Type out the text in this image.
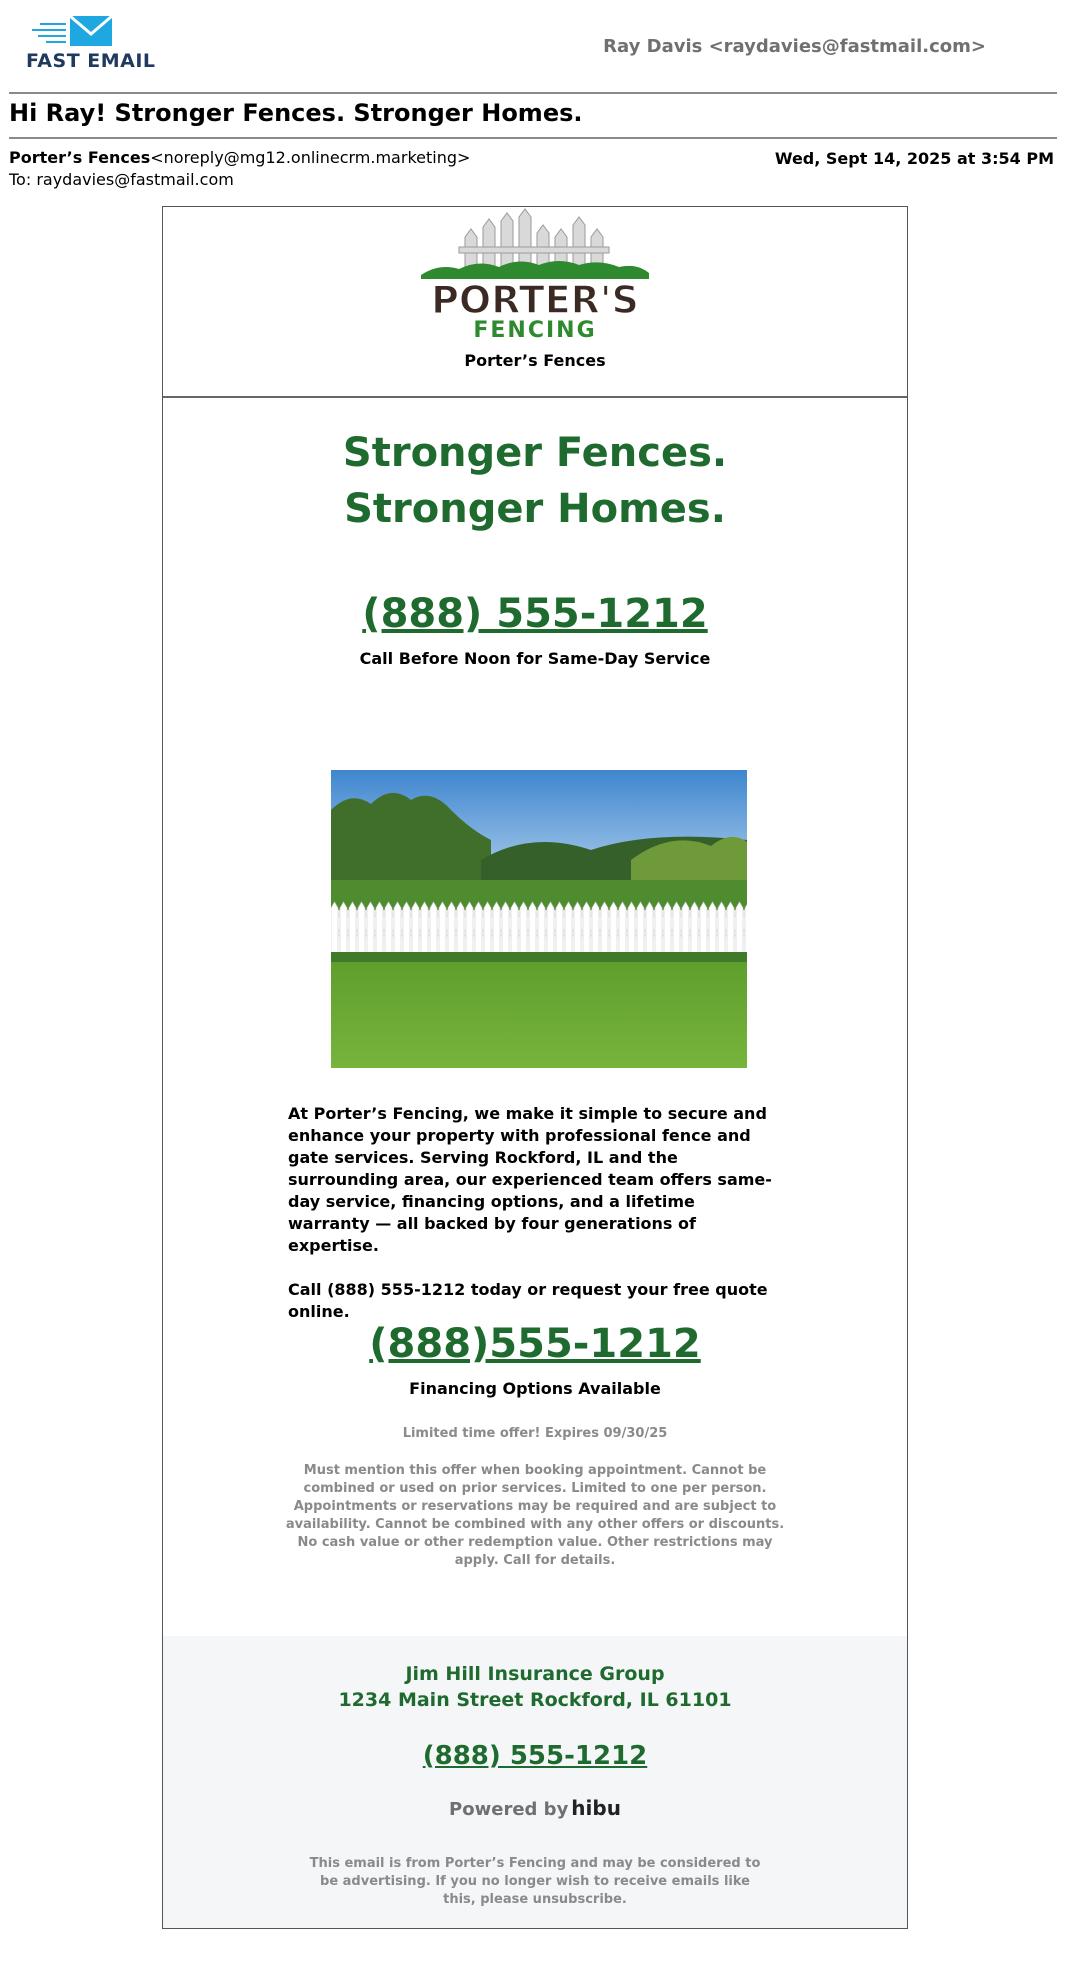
FAST EMAIL
Ray Davis <raydavies@fastmail.com>
Hi Ray! Stronger Fences. Stronger Homes.
Porter’s Fences<noreply@mg12.onlinecrm.marketing>
To: raydavies@fastmail.com
Wed, Sept 14, 2025 at 3:54 PM
PORTER'S
FENCING
Porter’s Fences
Stronger Fences.
Stronger Homes.
(888) 555-1212
Call Before Noon for Same-Day Service

At Porter’s Fencing, we make it simple to secure and enhance your property with professional fence and gate services. Serving Rockford, IL and the surrounding area, our experienced team offers same-day service, financing options, and a lifetime warranty — all backed by four generations of expertise.

Call (888) 555-1212 today or request your free quote online.

(888)555-1212
Financing Options Available
Limited time offer! Expires 09/30/25
Must mention this offer when booking appointment. Cannot be combined or used on prior services. Limited to one per person. Appointments or reservations may be required and are subject to availability. Cannot be combined with any other offers or discounts. No cash value or other redemption value. Other restrictions may apply. Call for details.
Jim Hill Insurance Group
1234 Main Street Rockford, IL 61101
(888) 555-1212
Powered by hibu
This email is from Porter’s Fencing and may be considered to be advertising. If you no longer wish to receive emails like this, please unsubscribe.
